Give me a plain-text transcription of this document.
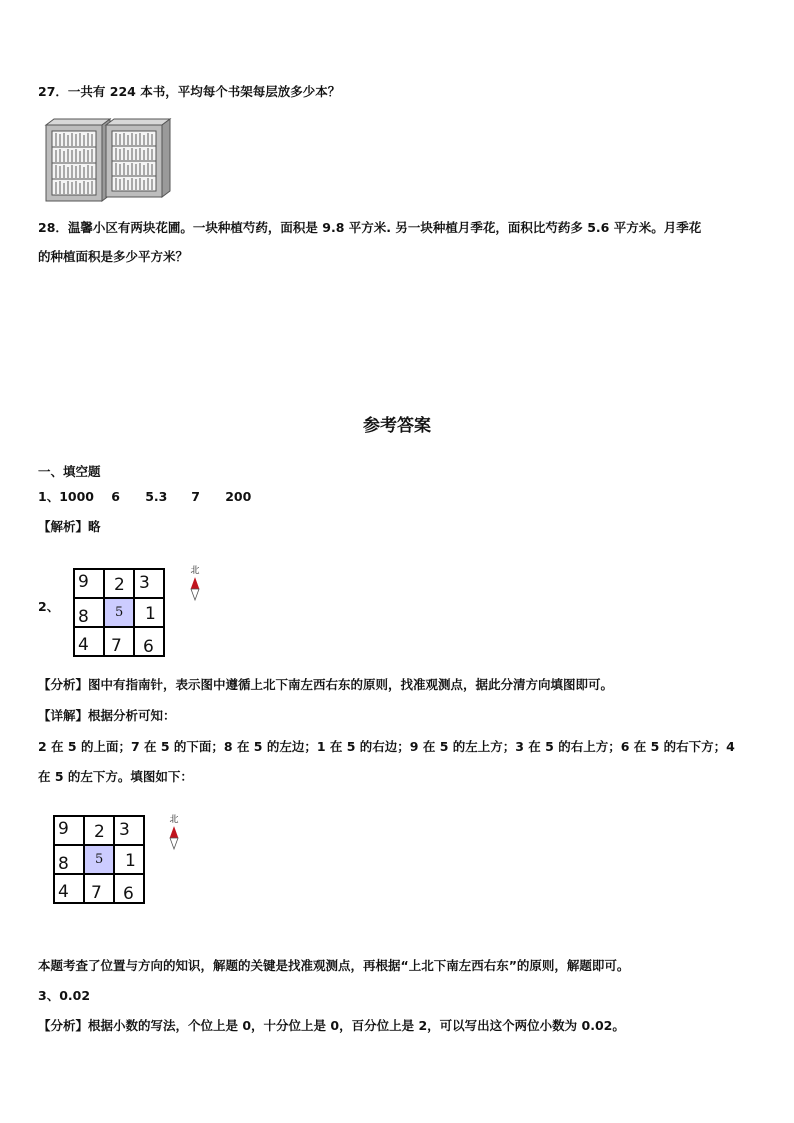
27．一共有 224 本书，平均每个书架每层放多少本？
28．温馨小区有两块花圃。一块种植芍药，面积是 9.8 平方米. 另一块种植月季花，面积比芍药多 5.6 平方米。月季花
的种植面积是多少平方米？
参考答案
一、填空题
1、1000 6 5.3 7 200
【解析】略
2、
9 2 3
8 5 1
4 7 6
北
【分析】图中有指南针，表示图中遵循上北下南左西右东的原则，找准观测点，据此分清方向填图即可。
【详解】根据分析可知：
2 在 5 的上面；7 在 5 的下面；8 在 5 的左边；1 在 5 的右边；9 在 5 的左上方；3 在 5 的右上方；6 在 5 的右下方；4
在 5 的左下方。填图如下：
9 2 3
8 5 1
4 7 6
北
本题考查了位置与方向的知识，解题的关键是找准观测点，再根据“上北下南左西右东”的原则，解题即可。
3、0.02
【分析】根据小数的写法，个位上是 0，十分位上是 0，百分位上是 2，可以写出这个两位小数为 0.02。
